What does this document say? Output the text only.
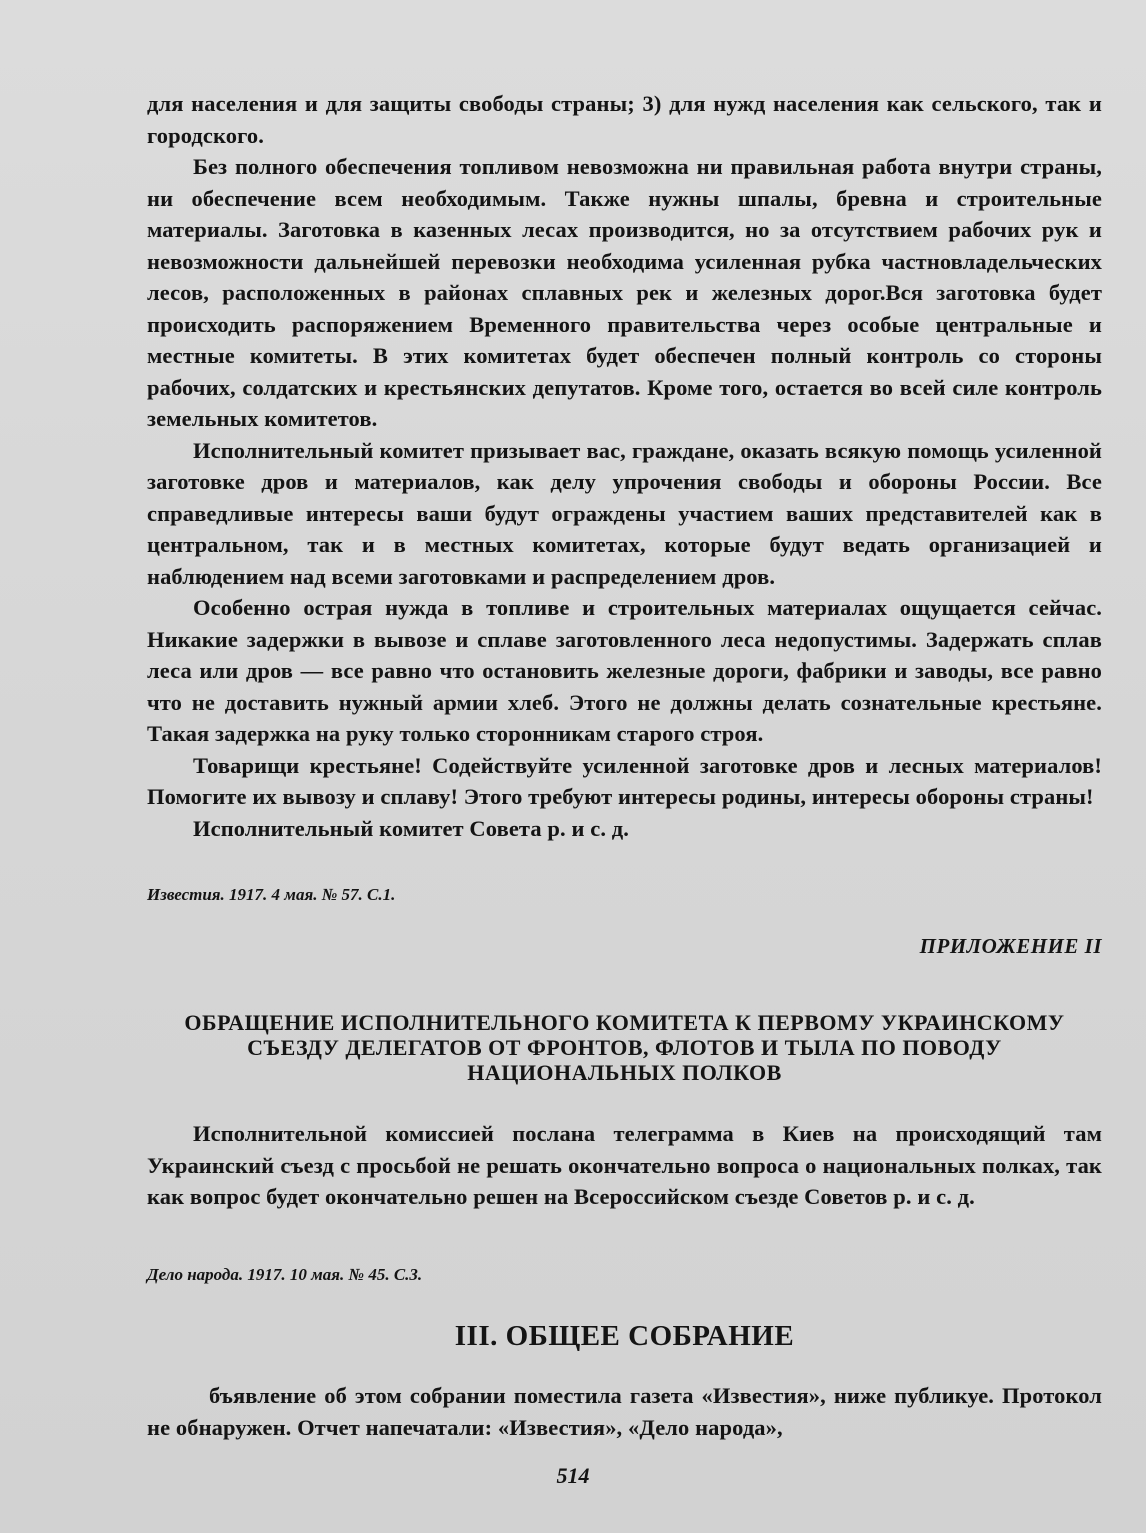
для населения и для защиты свободы страны; 3) для нужд населения как сельского, так и городского.

Без полного обеспечения топливом невозможна ни правильная работа внутри страны, ни обеспечение всем необходимым. Также нужны шпалы, бревна и строительные материалы. Заготовка в казенных лесах производится, но за отсутствием рабочих рук и невозможности дальнейшей перевозки необходима усиленная рубка частновладельческих лесов, расположенных в районах сплавных рек и железных дорог.Вся заготовка будет происходить распоряжением Временного правительства через особые центральные и местные комитеты. В этих комитетах будет обеспечен полный контроль со стороны рабочих, солдатских и крестьянских депутатов. Кроме того, остается во всей силе контроль земельных комитетов.

Исполнительный комитет призывает вас, граждане, оказать всякую помощь усиленной заготовке дров и материалов, как делу упрочения свободы и обороны России. Все справедливые интересы ваши будут ограждены участием ваших представителей как в центральном, так и в местных комитетах, которые будут ведать организацией и наблюдением над всеми заготовками и распределением дров.

Особенно острая нужда в топливе и строительных материалах ощущается сейчас. Никакие задержки в вывозе и сплаве заготовленного леса недопустимы. Задержать сплав леса или дров — все равно что остановить железные дороги, фабрики и заводы, все равно что не доставить нужный армии хлеб. Этого не должны делать сознательные крестьяне. Такая задержка на руку только сторонникам старого строя.

Товарищи крестьяне! Содействуйте усиленной заготовке дров и лесных материалов! Помогите их вывозу и сплаву! Этого требуют интересы родины, интересы обороны страны!

Исполнительный комитет Совета р. и с. д.

Известия. 1917. 4 мая. № 57. С.1.
ПРИЛОЖЕНИЕ II
ОБРАЩЕНИЕ ИСПОЛНИТЕЛЬНОГО КОМИТЕТА К ПЕРВОМУ УКРАИНСКОМУ СЪЕЗДУ ДЕЛЕГАТОВ ОТ ФРОНТОВ, ФЛОТОВ И ТЫЛА ПО ПОВОДУ НАЦИОНАЛЬНЫХ ПОЛКОВ

Исполнительной комиссией послана телеграмма в Киев на происходящий там Украинский съезд с просьбой не решать окончательно вопроса о национальных полках, так как вопрос будет окончательно решен на Всероссийском съезде Советов р. и с. д.

Дело народа. 1917. 10 мая. № 45. С.3.
III. ОБЩЕЕ СОБРАНИЕ

бъявление об этом собрании поместила газета «Известия», ниже публикуе. Протокол не обнаружен. Отчет напечатали: «Известия», «Дело народа»,

514
